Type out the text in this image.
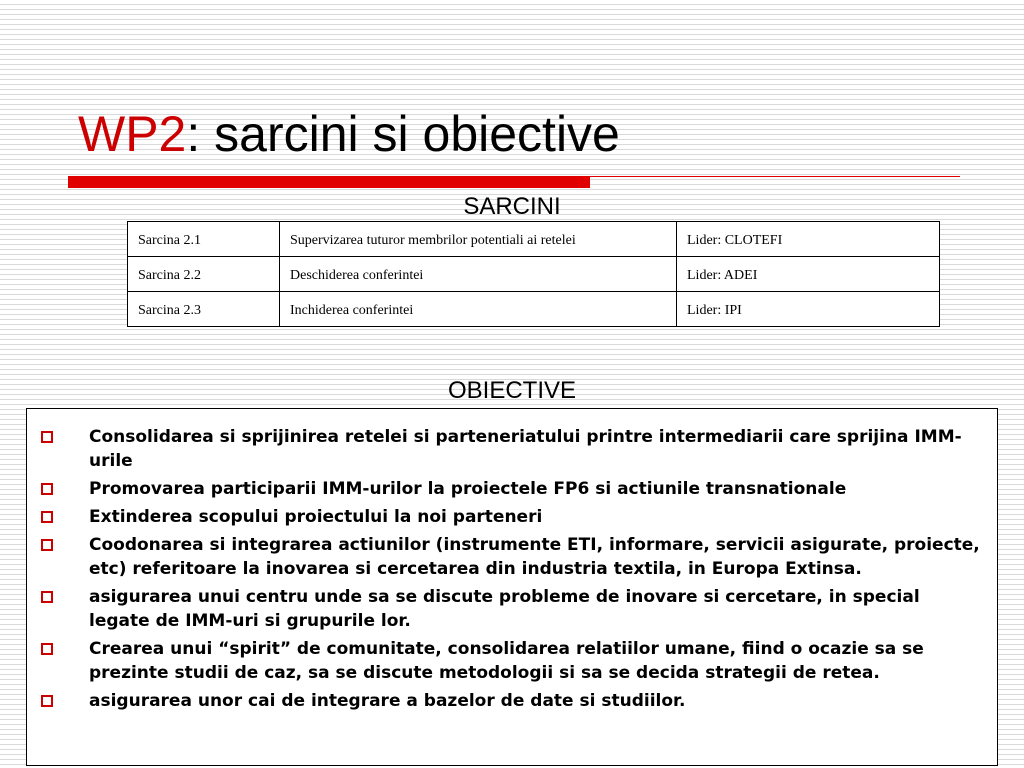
WP2: sarcini si obiective
SARCINI
Sarcina 2.1	Supervizarea tuturor membrilor potentiali ai retelei	Lider: CLOTEFI
Sarcina 2.2	Deschiderea conferintei	Lider: ADEI
Sarcina 2.3	Inchiderea conferintei	Lider: IPI
OBIECTIVE
Consolidarea si sprijinirea retelei si parteneriatului printre intermediarii care sprijina IMM-urile
Promovarea participarii IMM-urilor la proiectele FP6 si actiunile transnationale
Extinderea scopului proiectului la noi parteneri
Coodonarea si integrarea actiunilor (instrumente ETI, informare, servicii asigurate, proiecte, etc) referitoare la inovarea si cercetarea din industria textila, in Europa Extinsa.
asigurarea unui centru unde sa se discute probleme de inovare si cercetare, in special legate de IMM-uri si grupurile lor.
Crearea unui “spirit” de comunitate, consolidarea relatiilor umane, fiind o ocazie sa se prezinte studii de caz, sa se discute metodologii si sa se decida strategii de retea.
asigurarea unor cai de integrare a bazelor de date si studiilor.
